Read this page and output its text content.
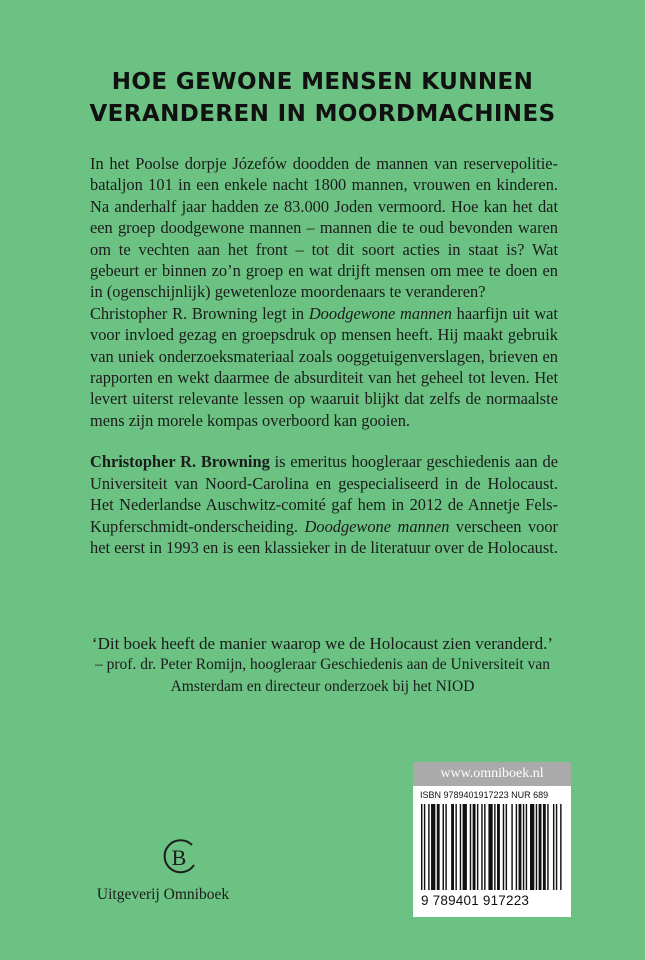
HOE GEWONE MENSEN KUNNEN
VERANDEREN IN MOORDMACHINES

In het Poolse dorpje Józefów doodden de mannen van reservepolitie-bataljon 101 in een enkele nacht 1800 mannen, vrouwen en kinderen. Na anderhalf jaar hadden ze 83.000 Joden vermoord. Hoe kan het dat een groep doodgewone mannen – mannen die te oud bevonden waren om te vechten aan het front – tot dit soort acties in staat is? Wat gebeurt er binnen zo’n groep en wat drijft mensen om mee te doen en in (ogenschijnlijk) gewetenloze moordenaars te veranderen?

Christopher R. Browning legt in Doodgewone mannen haarfijn uit wat voor invloed gezag en groepsdruk op mensen heeft. Hij maakt gebruik van uniek onderzoeksmateriaal zoals ooggetuigenverslagen, brieven en rapporten en wekt daarmee de absurditeit van het geheel tot leven. Het levert uiterst relevante lessen op waaruit blijkt dat zelfs de normaalste mens zijn morele kompas overboord kan gooien.

Christopher R. Browning is emeritus hoogleraar geschiedenis aan de Universiteit van Noord-Carolina en gespecialiseerd in de Holocaust. Het Nederlandse Auschwitz-comité gaf hem in 2012 de Annetje Fels-Kupferschmidt-onderscheiding. Doodgewone mannen verscheen voor het eerst in 1993 en is een klassieker in de literatuur over de Holocaust.

‘Dit boek heeft de manier waarop we de Holocaust zien veranderd.’
– prof. dr. Peter Romijn, hoogleraar Geschiedenis aan de Universiteit van Amsterdam en directeur onderzoek bij het NIOD
B
Uitgeverij Omniboek
www.omniboek.nl
ISBN 9789401917223 NUR 689
9 789401 917223
